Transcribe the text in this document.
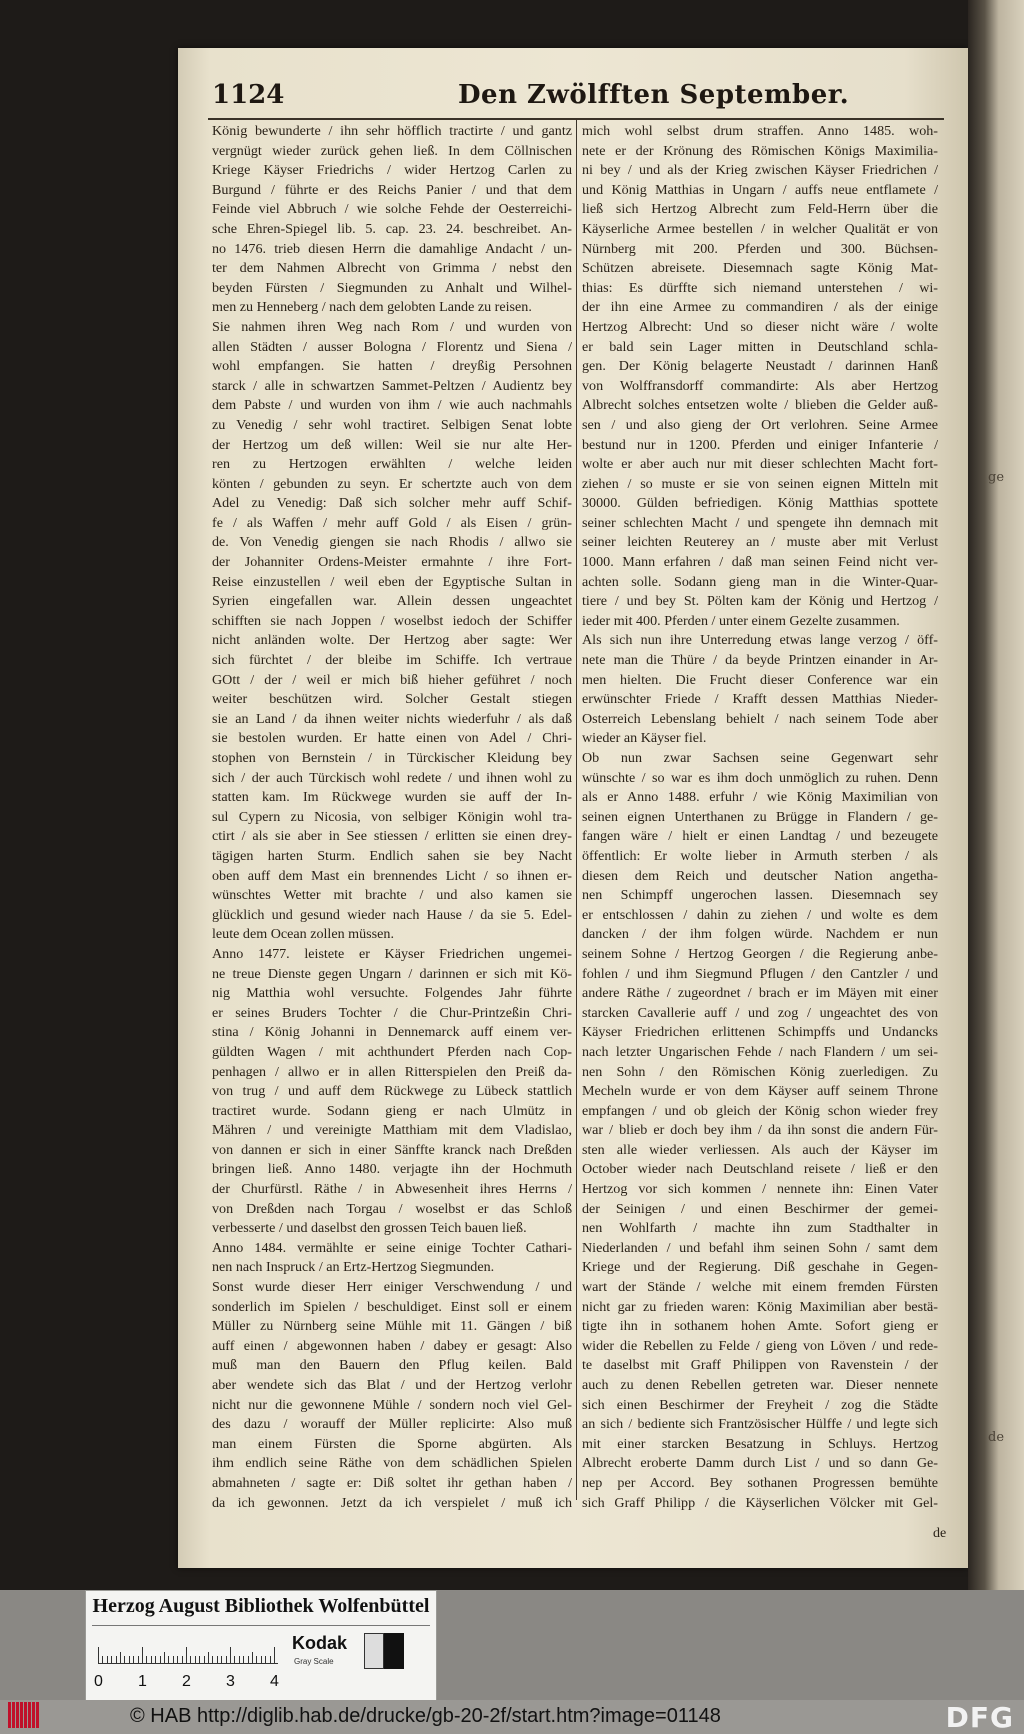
1124	Den Zwölfften September.
König bewunderte / ihn sehr höfflich tractirte / und gantz
vergnügt wieder zurück gehen ließ. In dem Cöllnischen
Kriege Käyser Friedrichs / wider Hertzog Carlen zu
Burgund / führte er des Reichs Panier / und that dem
Feinde viel Abbruch / wie solche Fehde der Oesterreichi-
sche Ehren-Spiegel lib. 5. cap. 23. 24. beschreibet. An-
no 1476. trieb diesen Herrn die damahlige Andacht / un-
ter dem Nahmen Albrecht von Grimma / nebst den
beyden Fürsten / Siegmunden zu Anhalt und Wilhel-
men zu Henneberg / nach dem gelobten Lande zu reisen.
Sie nahmen ihren Weg nach Rom / und wurden von
allen Städten / ausser Bologna / Florentz und Siena /
wohl empfangen. Sie hatten / dreyßig Persohnen
starck / alle in schwartzen Sammet-Peltzen / Audientz bey
dem Pabste / und wurden von ihm / wie auch nachmahls
zu Venedig / sehr wohl tractiret. Selbigen Senat lobte
der Hertzog um deß willen: Weil sie nur alte Her-
ren zu Hertzogen erwählten / welche leiden
könten / gebunden zu seyn. Er schertzte auch von dem
Adel zu Venedig: Daß sich solcher mehr auff Schif-
fe / als Waffen / mehr auff Gold / als Eisen / grün-
de. Von Venedig giengen sie nach Rhodis / allwo sie
der Johanniter Ordens-Meister ermahnte / ihre Fort-
Reise einzustellen / weil eben der Egyptische Sultan in
Syrien eingefallen war. Allein dessen ungeachtet
schifften sie nach Joppen / woselbst iedoch der Schiffer
nicht anländen wolte. Der Hertzog aber sagte: Wer
sich fürchtet / der bleibe im Schiffe. Ich vertraue
GOtt / der / weil er mich biß hieher geführet / noch
weiter beschützen wird. Solcher Gestalt stiegen
sie an Land / da ihnen weiter nichts wiederfuhr / als daß
sie bestolen wurden. Er hatte einen von Adel / Chri-
stophen von Bernstein / in Türckischer Kleidung bey
sich / der auch Türckisch wohl redete / und ihnen wohl zu
statten kam. Im Rückwege wurden sie auff der In-
sul Cypern zu Nicosia, von selbiger Königin wohl tra-
ctirt / als sie aber in See stiessen / erlitten sie einen drey-
tägigen harten Sturm. Endlich sahen sie bey Nacht
oben auff dem Mast ein brennendes Licht / so ihnen er-
wünschtes Wetter mit brachte / und also kamen sie
glücklich und gesund wieder nach Hause / da sie 5. Edel-
leute dem Ocean zollen müssen.
Anno 1477. leistete er Käyser Friedrichen ungemei-
ne treue Dienste gegen Ungarn / darinnen er sich mit Kö-
nig Matthia wohl versuchte. Folgendes Jahr führte
er seines Bruders Tochter / die Chur-Printzeßin Chri-
stina / König Johanni in Dennemarck auff einem ver-
güldten Wagen / mit achthundert Pferden nach Cop-
penhagen / allwo er in allen Ritterspielen den Preiß da-
von trug / und auff dem Rückwege zu Lübeck stattlich
tractiret wurde. Sodann gieng er nach Ulmütz in
Mähren / und vereinigte Matthiam mit dem Vladislao,
von dannen er sich in einer Sänffte kranck nach Dreßden
bringen ließ. Anno 1480. verjagte ihn der Hochmuth
der Churfürstl. Räthe / in Abwesenheit ihres Herrns /
von Dreßden nach Torgau / woselbst er das Schloß
verbesserte / und daselbst den grossen Teich bauen ließ.
Anno 1484. vermählte er seine einige Tochter Cathari-
nen nach Inspruck / an Ertz-Hertzog Siegmunden.
Sonst wurde dieser Herr einiger Verschwendung / und
sonderlich im Spielen / beschuldiget. Einst soll er einem
Müller zu Nürnberg seine Mühle mit 11. Gängen / biß
auff einen / abgewonnen haben / dabey er gesagt: Also
muß man den Bauern den Pflug keilen. Bald
aber wendete sich das Blat / und der Hertzog verlohr
nicht nur die gewonnene Mühle / sondern noch viel Gel-
des dazu / worauff der Müller replicirte: Also muß
man einem Fürsten die Sporne abgürten. Als
ihm endlich seine Räthe von dem schädlichen Spielen
abmahneten / sagte er: Diß soltet ihr gethan haben /
da ich gewonnen. Jetzt da ich verspielet / muß ich
mich wohl selbst drum straffen. Anno 1485. woh-
nete er der Krönung des Römischen Königs Maximilia-
ni bey / und als der Krieg zwischen Käyser Friedrichen /
und König Matthias in Ungarn / auffs neue entflamete /
ließ sich Hertzog Albrecht zum Feld-Herrn über die
Käyserliche Armee bestellen / in welcher Qualität er von
Nürnberg mit 200. Pferden und 300. Büchsen-
Schützen abreisete. Diesemnach sagte König Mat-
thias: Es dürffte sich niemand unterstehen / wi-
der ihn eine Armee zu commandiren / als der einige
Hertzog Albrecht: Und so dieser nicht wäre / wolte
er bald sein Lager mitten in Deutschland schla-
gen. Der König belagerte Neustadt / darinnen Hanß
von Wolffransdorff commandirte: Als aber Hertzog
Albrecht solches entsetzen wolte / blieben die Gelder auß-
sen / und also gieng der Ort verlohren. Seine Armee
bestund nur in 1200. Pferden und einiger Infanterie /
wolte er aber auch nur mit dieser schlechten Macht fort-
ziehen / so muste er sie von seinen eignen Mitteln mit
30000. Gülden befriedigen. König Matthias spottete
seiner schlechten Macht / und spengete ihn demnach mit
seiner leichten Reuterey an / muste aber mit Verlust
1000. Mann erfahren / daß man seinen Feind nicht ver-
achten solle. Sodann gieng man in die Winter-Quar-
tiere / und bey St. Pölten kam der König und Hertzog /
ieder mit 400. Pferden / unter einem Gezelte zusammen.
Als sich nun ihre Unterredung etwas lange verzog / öff-
nete man die Thüre / da beyde Printzen einander in Ar-
men hielten. Die Frucht dieser Conference war ein
erwünschter Friede / Krafft dessen Matthias Nieder-
Osterreich Lebenslang behielt / nach seinem Tode aber
wieder an Käyser fiel.
Ob nun zwar Sachsen seine Gegenwart sehr
wünschte / so war es ihm doch unmöglich zu ruhen. Denn
als er Anno 1488. erfuhr / wie König Maximilian von
seinen eignen Unterthanen zu Brügge in Flandern / ge-
fangen wäre / hielt er einen Landtag / und bezeugete
öffentlich: Er wolte lieber in Armuth sterben / als
diesen dem Reich und deutscher Nation angetha-
nen Schimpff ungerochen lassen. Diesemnach sey
er entschlossen / dahin zu ziehen / und wolte es dem
dancken / der ihm folgen würde. Nachdem er nun
seinem Sohne / Hertzog Georgen / die Regierung anbe-
fohlen / und ihm Siegmund Pflugen / den Cantzler / und
andere Räthe / zugeordnet / brach er im Mäyen mit einer
starcken Cavallerie auff / und zog / ungeachtet des von
Käyser Friedrichen erlittenen Schimpffs und Undancks
nach letzter Ungarischen Fehde / nach Flandern / um sei-
nen Sohn / den Römischen König zuerledigen. Zu
Mecheln wurde er von dem Käyser auff seinem Throne
empfangen / und ob gleich der König schon wieder frey
war / blieb er doch bey ihm / da ihn sonst die andern Für-
sten alle wieder verliessen. Als auch der Käyser im
October wieder nach Deutschland reisete / ließ er den
Hertzog vor sich kommen / nennete ihn: Einen Vater
der Seinigen / und einen Beschirmer der gemei-
nen Wohlfarth / machte ihn zum Stadthalter in
Niederlanden / und befahl ihm seinen Sohn / samt dem
Kriege und der Regierung. Diß geschahe in Gegen-
wart der Stände / welche mit einem fremden Fürsten
nicht gar zu frieden waren: König Maximilian aber bestä-
tigte ihn in sothanem hohen Amte. Sofort gieng er
wider die Rebellen zu Felde / gieng von Löven / und rede-
te daselbst mit Graff Philippen von Ravenstein / der
auch zu denen Rebellen getreten war. Dieser nennete
sich einen Beschirmer der Freyheit / zog die Städte
an sich / bediente sich Frantzösischer Hülffe / und legte sich
mit einer starcken Besatzung in Schluys. Hertzog
Albrecht eroberte Damm durch List / und so dann Ge-
nep per Accord. Bey sothanen Progressen bemühte
sich Graff Philipp / die Käyserlichen Völcker mit Gel-
de
ge
de
Herzog August Bibliothek Wolfenbüttel
0 1 2 3 4
Kodak
Gray Scale
© HAB http://diglib.hab.de/drucke/gb-20-2f/start.htm?image=01148	DFG
